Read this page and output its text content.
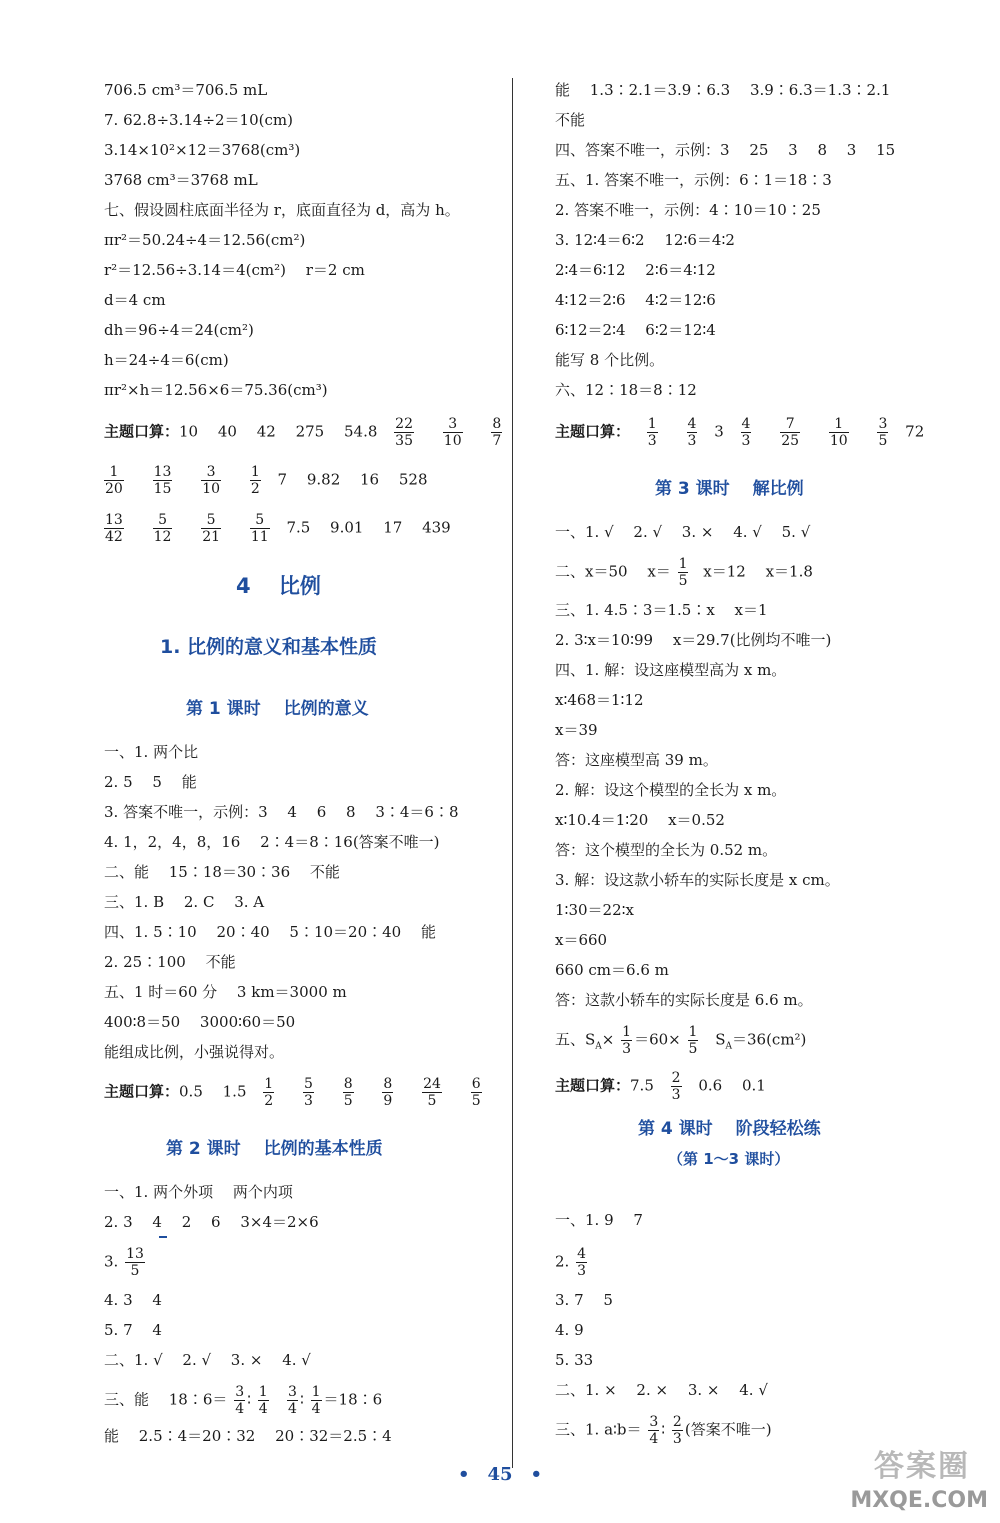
706.5 cm³＝706.5 mL
7. 62.8÷3.14÷2＝10(cm)
3.14×10²×12＝3768(cm³)
3768 cm³＝3768 mL
七、假设圆柱底面半径为 r，底面直径为 d，高为 h。
πr²＝50.24÷4＝12.56(cm²)
r²＝12.56÷3.14＝4(cm²)　 r＝2 cm
d＝4 cm
dh＝96÷4＝24(cm²)
h＝24÷4＝6(cm)
πr²×h＝12.56×6＝75.36(cm³)
主题口算：10　 40　 42　 275　 $54.8 \frac{22}{35}$
$\frac{3}{10}$
$\frac{8}{7}$
$\frac{1}{20}$
$\frac{13}{15}$
$\frac{3}{10}$
$\frac{1}{2} 7$　 9.82　 16　 528
$\frac{13}{42}$
$\frac{5}{12}$
$\frac{5}{21}$
$\frac{5}{11} 7.5$　 9.01　 17　 439
4　 比例
1. 比例的意义和基本性质
第 1 课时　 比例的意义
一、1. 两个比
2. 5　 5　 能
3. 答案不唯一，示例：3　 4　 6　 8　 3∶4＝6∶8
4. 1，2，4，8，16　 2∶4＝8∶16(答案不唯一)
二、能　 15∶18＝30∶36　 不能
三、1. B　 2. C　 3. A
四、1. 5∶10　 20∶40　 5∶10＝20∶40　 能
2. 25∶100　 不能
五、1 时＝60 分　 3 km＝3000 m
400∶8＝50　 3000∶60＝50
能组成比例，小强说得对。
主题口算：0.5　 $1.5 \frac{1}{2}$
$\frac{5}{3}$
$\frac{8}{5}$
$\frac{8}{9}$
$\frac{24}{5}$
$\frac{6}{5}$
第 2 课时　 比例的基本性质
一、1. 两个外项　 两个内项
2. 3　 4　 2　 6　 3×4＝2×6
3. $\frac{13}{5}$
4. 3　 4
5. 7　 4
二、1. √　 2. √　 3. ×　 4. √
三、能　 18∶6＝ $\frac{3}{4}$ ∶ $\frac{1}{4}$
$\frac{3}{4}$ ∶ $\frac{1}{4}$ ＝18∶6
能　 2.5∶4＝20∶32　 20∶32＝2.5∶4
能　 1.3∶2.1＝3.9∶6.3　 3.9∶6.3＝1.3∶2.1
不能
四、答案不唯一，示例：3　 25　 3　 8　 3　 15
五、1. 答案不唯一，示例：6∶1＝18∶3
2. 答案不唯一，示例：4∶10＝10∶25
3. 12∶4＝6∶2　 12∶6＝4∶2
2∶4＝6∶12　 2∶6＝4∶12
4∶12＝2∶6　 4∶2＝12∶6
6∶12＝2∶4　 6∶2＝12∶4
能写 8 个比例。
六、12∶18＝8∶12
主题口算： $\frac{1}{3}$
$\frac{4}{3} 3 \frac{4}{3}$
$\frac{7}{25}$
$\frac{1}{10}$
$\frac{3}{5} 72$
第 3 课时　 解比例
一、1. √　 2. √　 3. ×　 4. √　 5. √
二、x＝50　 $x= \frac{1}{5} x=12$　 x＝1.8
三、1. 4.5∶3＝1.5∶x　 x＝1
2. 3∶x＝10∶99　 x＝29.7(比例均不唯一)
四、1. 解：设这座模型高为 x m。
x∶468＝1∶12
x＝39
答：这座模型高 39 m。
2. 解：设这个模型的全长为 x m。
x∶10.4＝1∶20　 x＝0.52
答：这个模型的全长为 0.52 m。
3. 解：设这款小轿车的实际长度是 x cm。
1∶30＝22∶x
x＝660
660 cm＝6.6 m
答：这款小轿车的实际长度是 6.6 m。
五、$S_A\times \frac{1}{3} =60\times \frac{1}{5} S_A=36(cm^2)$
主题口算：$7.5 \frac{2}{3} 0.6$　 0.1
第 4 课时　 阶段轻松练
（第 1～3 课时）
一、1. 9　 7
2. $\frac{4}{3}$
3. 7　 5
4. 9
5. 33
二、1. ×　 2. ×　 3. ×　 4. √
三、1. a∶b＝ $\frac{3}{4}$ ∶ $\frac{2}{3}$ (答案不唯一)
•　45　•	答案圈
MXQE.COM
